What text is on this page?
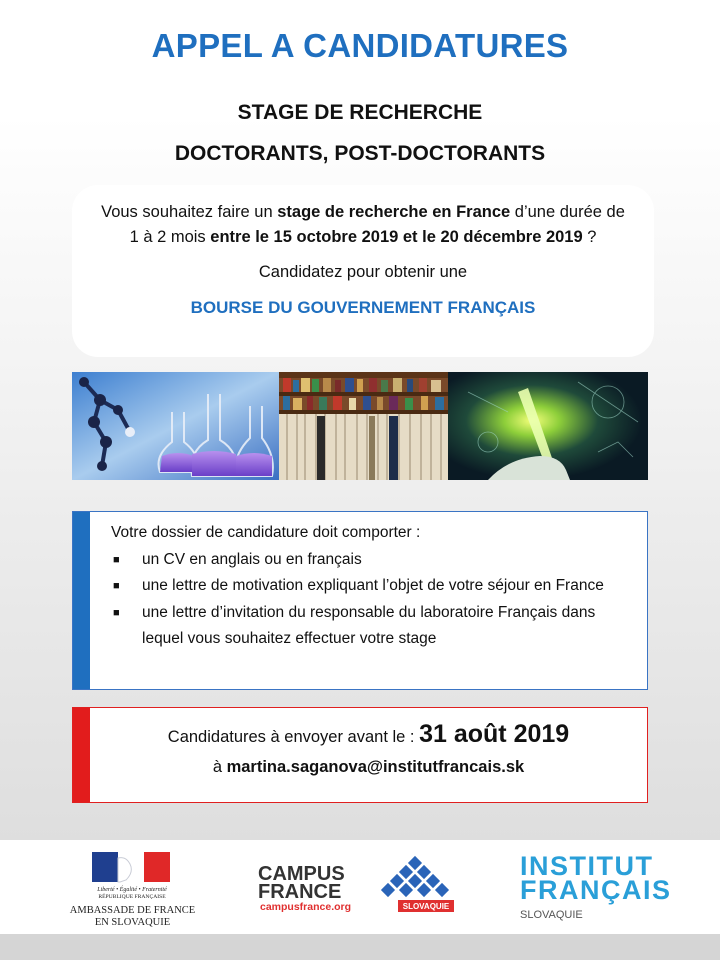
APPEL A CANDIDATURES
STAGE DE RECHERCHE
DOCTORANTS, POST-DOCTORANTS

Vous souhaitez faire un stage de recherche en France d’une durée de 1 à 2 mois entre le 15 octobre 2019 et le 20 décembre 2019 ?

Candidatez pour obtenir une

BOURSE DU GOUVERNEMENT FRANÇAIS

Votre dossier de candidature doit comporter :

■ un CV en anglais ou en français
■ une lettre de motivation expliquant l’objet de votre séjour en France
■ une lettre d’invitation du responsable du laboratoire Français dans lequel vous souhaitez effectuer votre stage
Candidatures à envoyer avant le : 31 août 2019
à martina.saganova@institutfrancais.sk
Liberté • Égalité • Fraternité
RÉPUBLIQUE FRANÇAISE
AMBASSADE DE FRANCE
EN SLOVAQUIE
CAMPUS
FRANCE
campusfrance.org	SLOVAQUIE
INSTITUT
FRANÇAIS
SLOVAQUIE
